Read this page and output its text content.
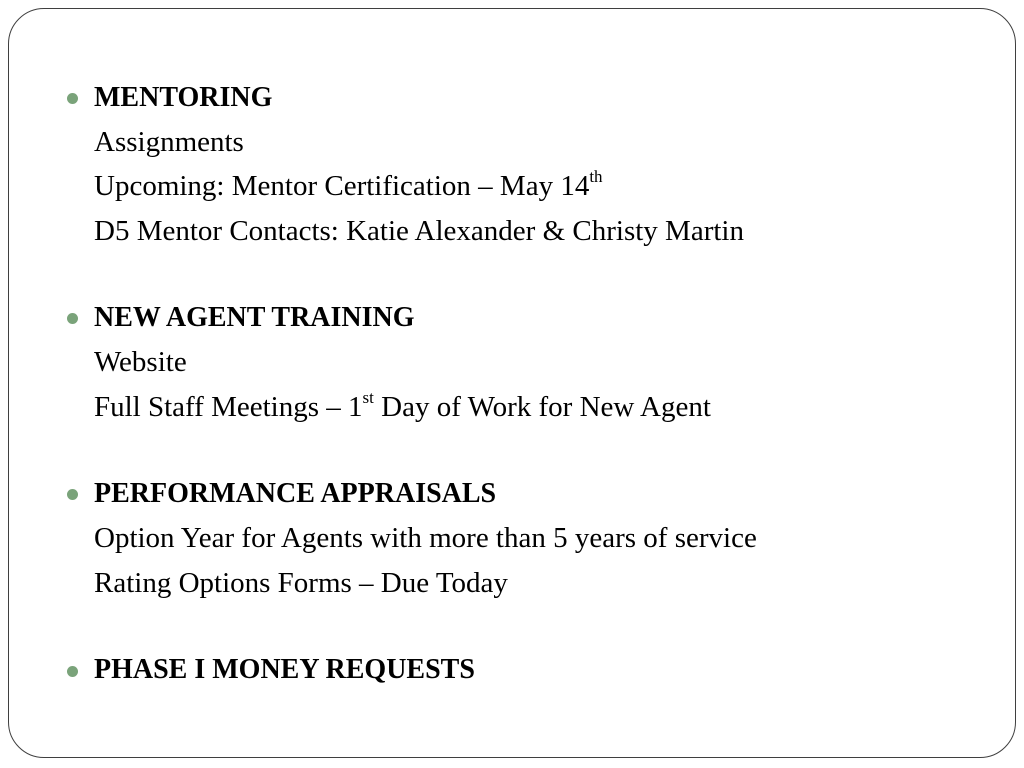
MENTORING
Assignments
Upcoming: Mentor Certification – May 14th
D5 Mentor Contacts: Katie Alexander & Christy Martin
NEW AGENT TRAINING
Website
Full Staff Meetings – 1st Day of Work for New Agent
PERFORMANCE APPRAISALS
Option Year for Agents with more than 5 years of service
Rating Options Forms – Due Today
PHASE I MONEY REQUESTS
